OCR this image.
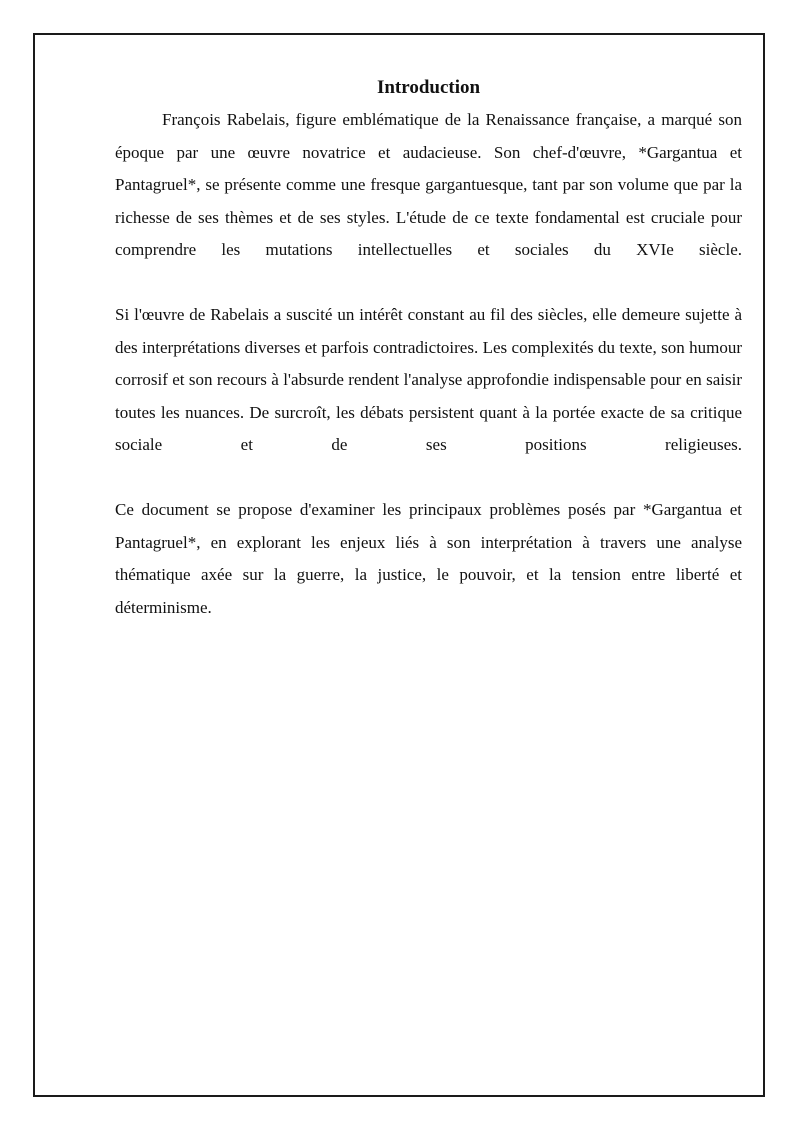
Introduction

François Rabelais, figure emblématique de la Renaissance française, a marqué son époque par une œuvre novatrice et audacieuse. Son chef-d'œuvre, *Gargantua et Pantagruel*, se présente comme une fresque gargantuesque, tant par son volume que par la richesse de ses thèmes et de ses styles. L'étude de ce texte fondamental est cruciale pour comprendre les mutations intellectuelles et sociales du XVIe siècle.

Si l'œuvre de Rabelais a suscité un intérêt constant au fil des siècles, elle demeure sujette à des interprétations diverses et parfois contradictoires. Les complexités du texte, son humour corrosif et son recours à l'absurde rendent l'analyse approfondie indispensable pour en saisir toutes les nuances. De surcroît, les débats persistent quant à la portée exacte de sa critique sociale et de ses positions religieuses.

Ce document se propose d'examiner les principaux problèmes posés par *Gargantua et Pantagruel*, en explorant les enjeux liés à son interprétation à travers une analyse thématique axée sur la guerre, la justice, le pouvoir, et la tension entre liberté et déterminisme.
